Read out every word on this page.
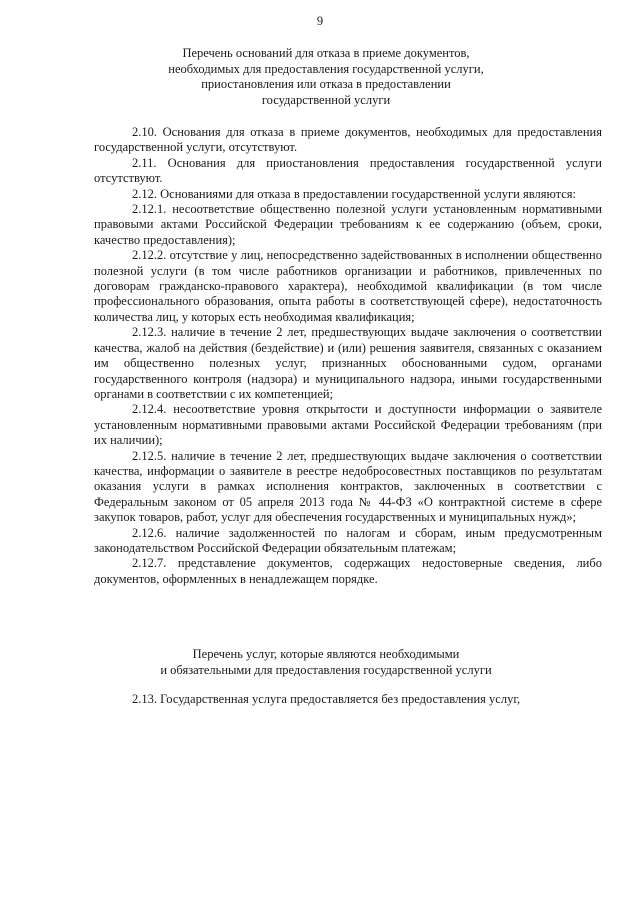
9
Перечень оснований для отказа в приеме документов,
необходимых для предоставления государственной услуги,
приостановления или отказа в предоставлении
государственной услуги

2.10. Основания для отказа в приеме документов, необходимых для предоставления государственной услуги, отсутствуют.

2.11. Основания для приостановления предоставления государственной услуги отсутствуют.

2.12. Основаниями для отказа в предоставлении государственной услуги являются:

2.12.1. несоответствие общественно полезной услуги установленным нормативными правовыми актами Российской Федерации требованиям к ее содержанию (объем, сроки, качество предоставления);

2.12.2. отсутствие у лиц, непосредственно задействованных в исполнении общественно полезной услуги (в том числе работников организации и работников, привлеченных по договорам гражданско-правового характера), необходимой квалификации (в том числе профессионального образования, опыта работы в соответствующей сфере), недостаточность количества лиц, у которых есть необходимая квалификация;

2.12.3. наличие в течение 2 лет, предшествующих выдаче заключения о соответствии качества, жалоб на действия (бездействие) и (или) решения заявителя, связанных с оказанием им общественно полезных услуг, признанных обоснованными судом, органами государственного контроля (надзора) и муниципального надзора, иными государственными органами в соответствии с их компетенцией;

2.12.4. несоответствие уровня открытости и доступности информации о заявителе установленным нормативными правовыми актами Российской Федерации требованиям (при их наличии);

2.12.5. наличие в течение 2 лет, предшествующих выдаче заключения о соответствии качества, информации о заявителе в реестре недобросовестных поставщиков по результатам оказания услуги в рамках исполнения контрактов, заключенных в соответствии с Федеральным законом от 05 апреля 2013 года № 44-ФЗ «О контрактной системе в сфере закупок товаров, работ, услуг для обеспечения государственных и муниципальных нужд»;

2.12.6. наличие задолженностей по налогам и сборам, иным предусмотренным законодательством Российской Федерации обязательным платежам;

2.12.7. представление документов, содержащих недостоверные сведения, либо документов, оформленных в ненадлежащем порядке.

Перечень услуг, которые являются необходимыми
и обязательными для предоставления государственной услуги

2.13. Государственная услуга предоставляется без предоставления услуг,
